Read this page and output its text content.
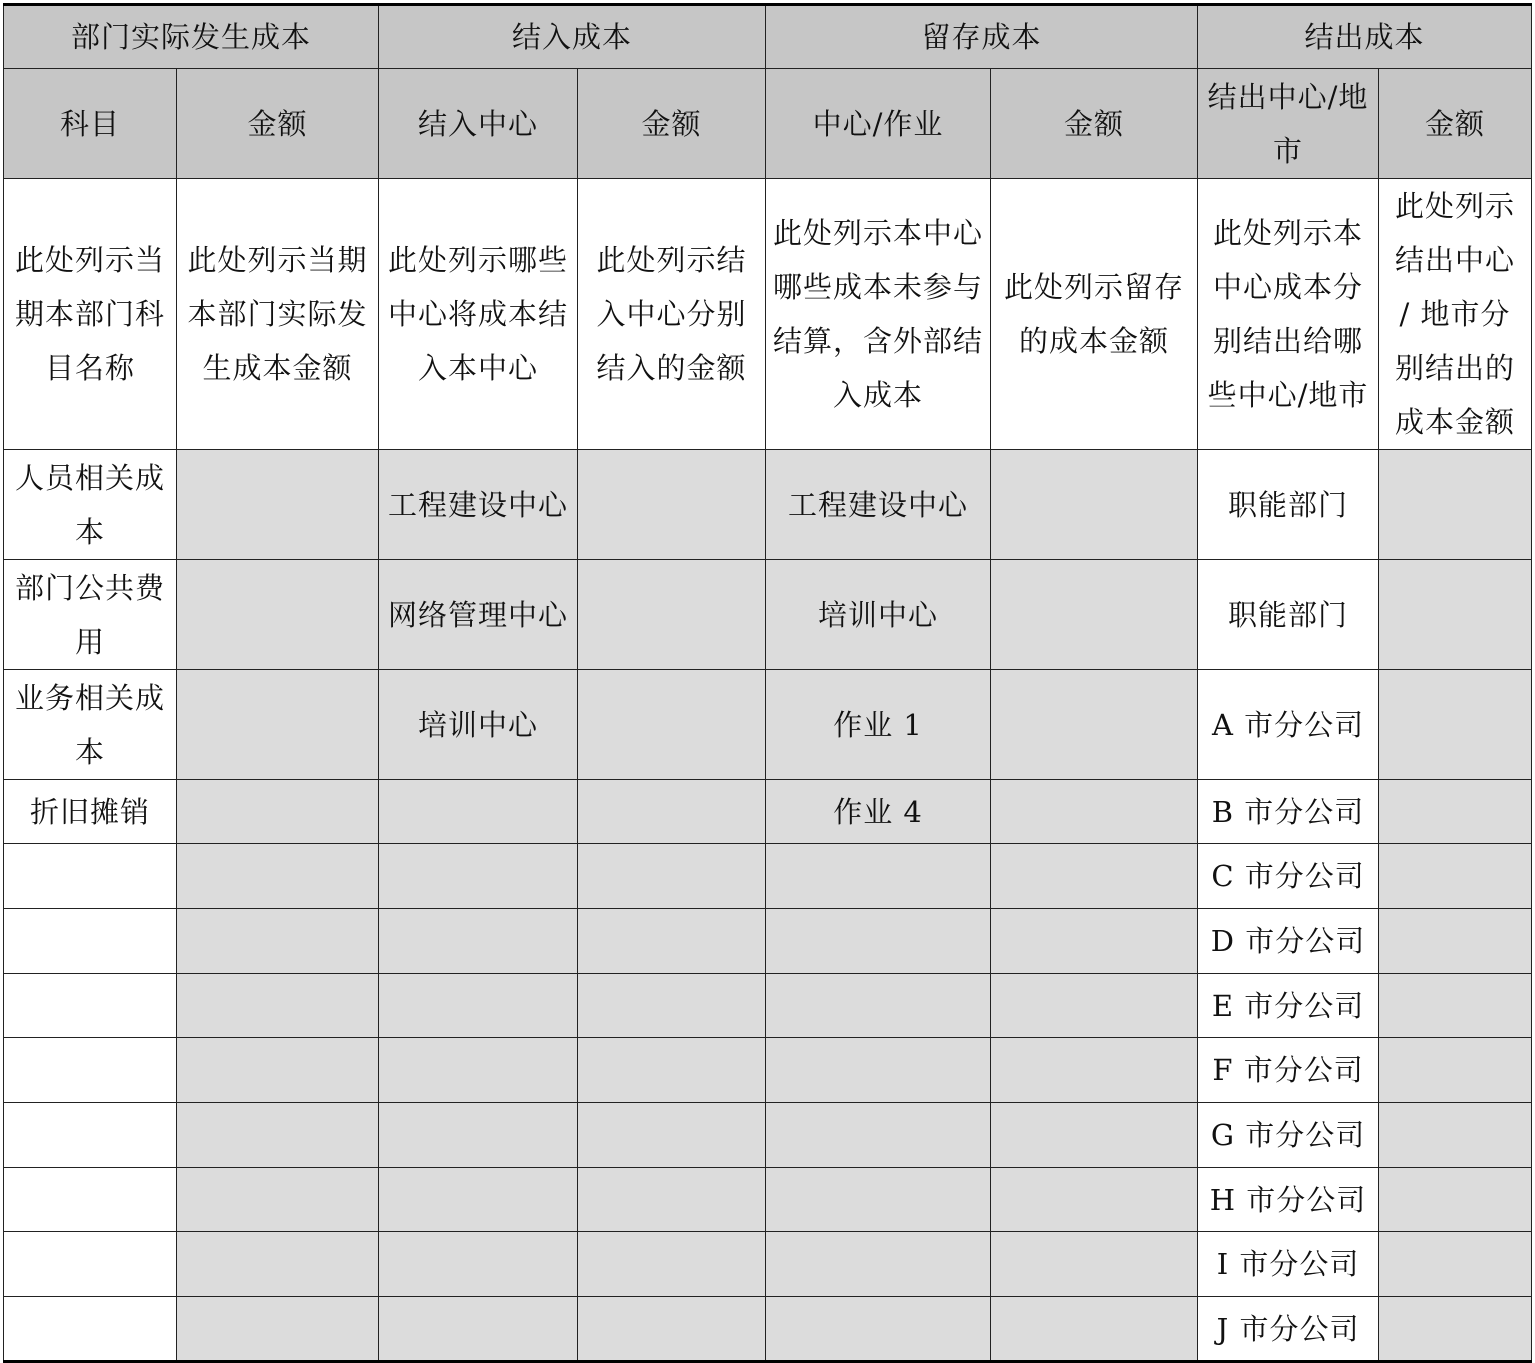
部门实际发生成本		结入成本		留存成本		结出成本	
科目	金额	结入中心	金额	中心/作业	金额	结出中心/地市	金额
此处列示当期本部门科目名称	此处列示当期本部门实际发生成本金额	此处列示哪些中心将成本结入本中心	此处列示结入中心分别结入的金额	此处列示本中心哪些成本未参与结算，含外部结入成本	此处列示留存的成本金额	此处列示本中心成本分别结出给哪些中心/地市	此处列示结出中心 / 地市分别结出的成本金额
人员相关成本		工程建设中心		工程建设中心		职能部门	
部门公共费用		网络管理中心		培训中心		职能部门	
业务相关成本		培训中心		作业 1		A 市分公司	
折旧摊销				作业 4		B 市分公司	
						C 市分公司	
						D 市分公司	
						E 市分公司	
						F 市分公司	
						G 市分公司	
						H 市分公司	
						I 市分公司	
						J 市分公司	
